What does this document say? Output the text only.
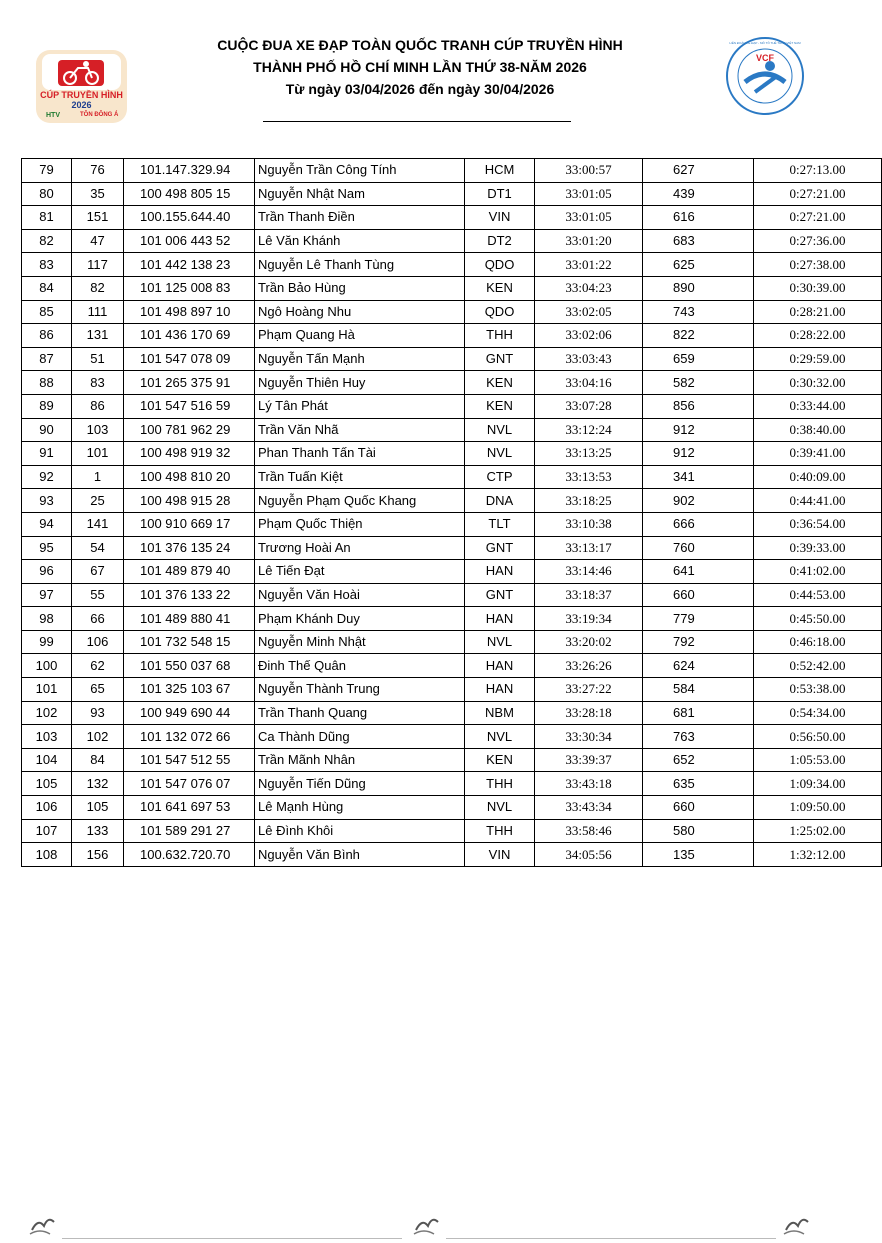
CÚP TRUYỀN HÌNH
2026
HTV	TÔN ĐÔNG Á
CUỘC ĐUA XE ĐẠP TOÀN QUỐC TRANH CÚP TRUYỀN HÌNH
THÀNH PHỐ HỒ CHÍ MINH LẦN THỨ 38-NĂM 2026
Từ ngày 03/04/2026 đến ngày 30/04/2026
VCF
LIÊN ĐOÀN XE ĐẠP - MÔ TÔ THỂ THAO VIỆT NAM
79	76	101.147.329.94	Nguyễn Trần Công Tính	HCM	33:00:57	627	0:27:13.00
80	35	100 498 805 15	Nguyễn Nhật Nam	DT1	33:01:05	439	0:27:21.00
81	151	100.155.644.40	Trần Thanh Điền	VIN	33:01:05	616	0:27:21.00
82	47	101 006 443 52	Lê Văn Khánh	DT2	33:01:20	683	0:27:36.00
83	117	101 442 138 23	Nguyễn Lê Thanh Tùng	QDO	33:01:22	625	0:27:38.00
84	82	101 125 008 83	Trần Bảo Hùng	KEN	33:04:23	890	0:30:39.00
85	111	101 498 897 10	Ngô Hoàng Nhu	QDO	33:02:05	743	0:28:21.00
86	131	101 436 170 69	Phạm Quang Hà	THH	33:02:06	822	0:28:22.00
87	51	101 547 078 09	Nguyễn Tấn Mạnh	GNT	33:03:43	659	0:29:59.00
88	83	101 265 375 91	Nguyễn Thiên Huy	KEN	33:04:16	582	0:30:32.00
89	86	101 547 516 59	Lý Tân Phát	KEN	33:07:28	856	0:33:44.00
90	103	100 781 962 29	Trần Văn Nhã	NVL	33:12:24	912	0:38:40.00
91	101	100 498 919 32	Phan Thanh Tấn Tài	NVL	33:13:25	912	0:39:41.00
92	1	100 498 810 20	Trần Tuấn Kiệt	CTP	33:13:53	341	0:40:09.00
93	25	100 498 915 28	Nguyễn Phạm Quốc Khang	DNA	33:18:25	902	0:44:41.00
94	141	100 910 669 17	Phạm Quốc Thiện	TLT	33:10:38	666	0:36:54.00
95	54	101 376 135 24	Trương Hoài An	GNT	33:13:17	760	0:39:33.00
96	67	101 489 879 40	Lê Tiến Đạt	HAN	33:14:46	641	0:41:02.00
97	55	101 376 133 22	Nguyễn Văn Hoài	GNT	33:18:37	660	0:44:53.00
98	66	101 489 880 41	Phạm Khánh Duy	HAN	33:19:34	779	0:45:50.00
99	106	101 732 548 15	Nguyễn Minh Nhật	NVL	33:20:02	792	0:46:18.00
100	62	101 550 037 68	Đinh Thế Quân	HAN	33:26:26	624	0:52:42.00
101	65	101 325 103 67	Nguyễn Thành Trung	HAN	33:27:22	584	0:53:38.00
102	93	100 949 690 44	Trần Thanh Quang	NBM	33:28:18	681	0:54:34.00
103	102	101 132 072 66	Ca Thành Dũng	NVL	33:30:34	763	0:56:50.00
104	84	101 547 512 55	Trần Mãnh Nhân	KEN	33:39:37	652	1:05:53.00
105	132	101 547 076 07	Nguyễn Tiến Dũng	THH	33:43:18	635	1:09:34.00
106	105	101 641 697 53	Lê Mạnh Hùng	NVL	33:43:34	660	1:09:50.00
107	133	101 589 291 27	Lê Đình Khôi	THH	33:58:46	580	1:25:02.00
108	156	100.632.720.70	Nguyễn Văn Bình	VIN	34:05:56	135	1:32:12.00
